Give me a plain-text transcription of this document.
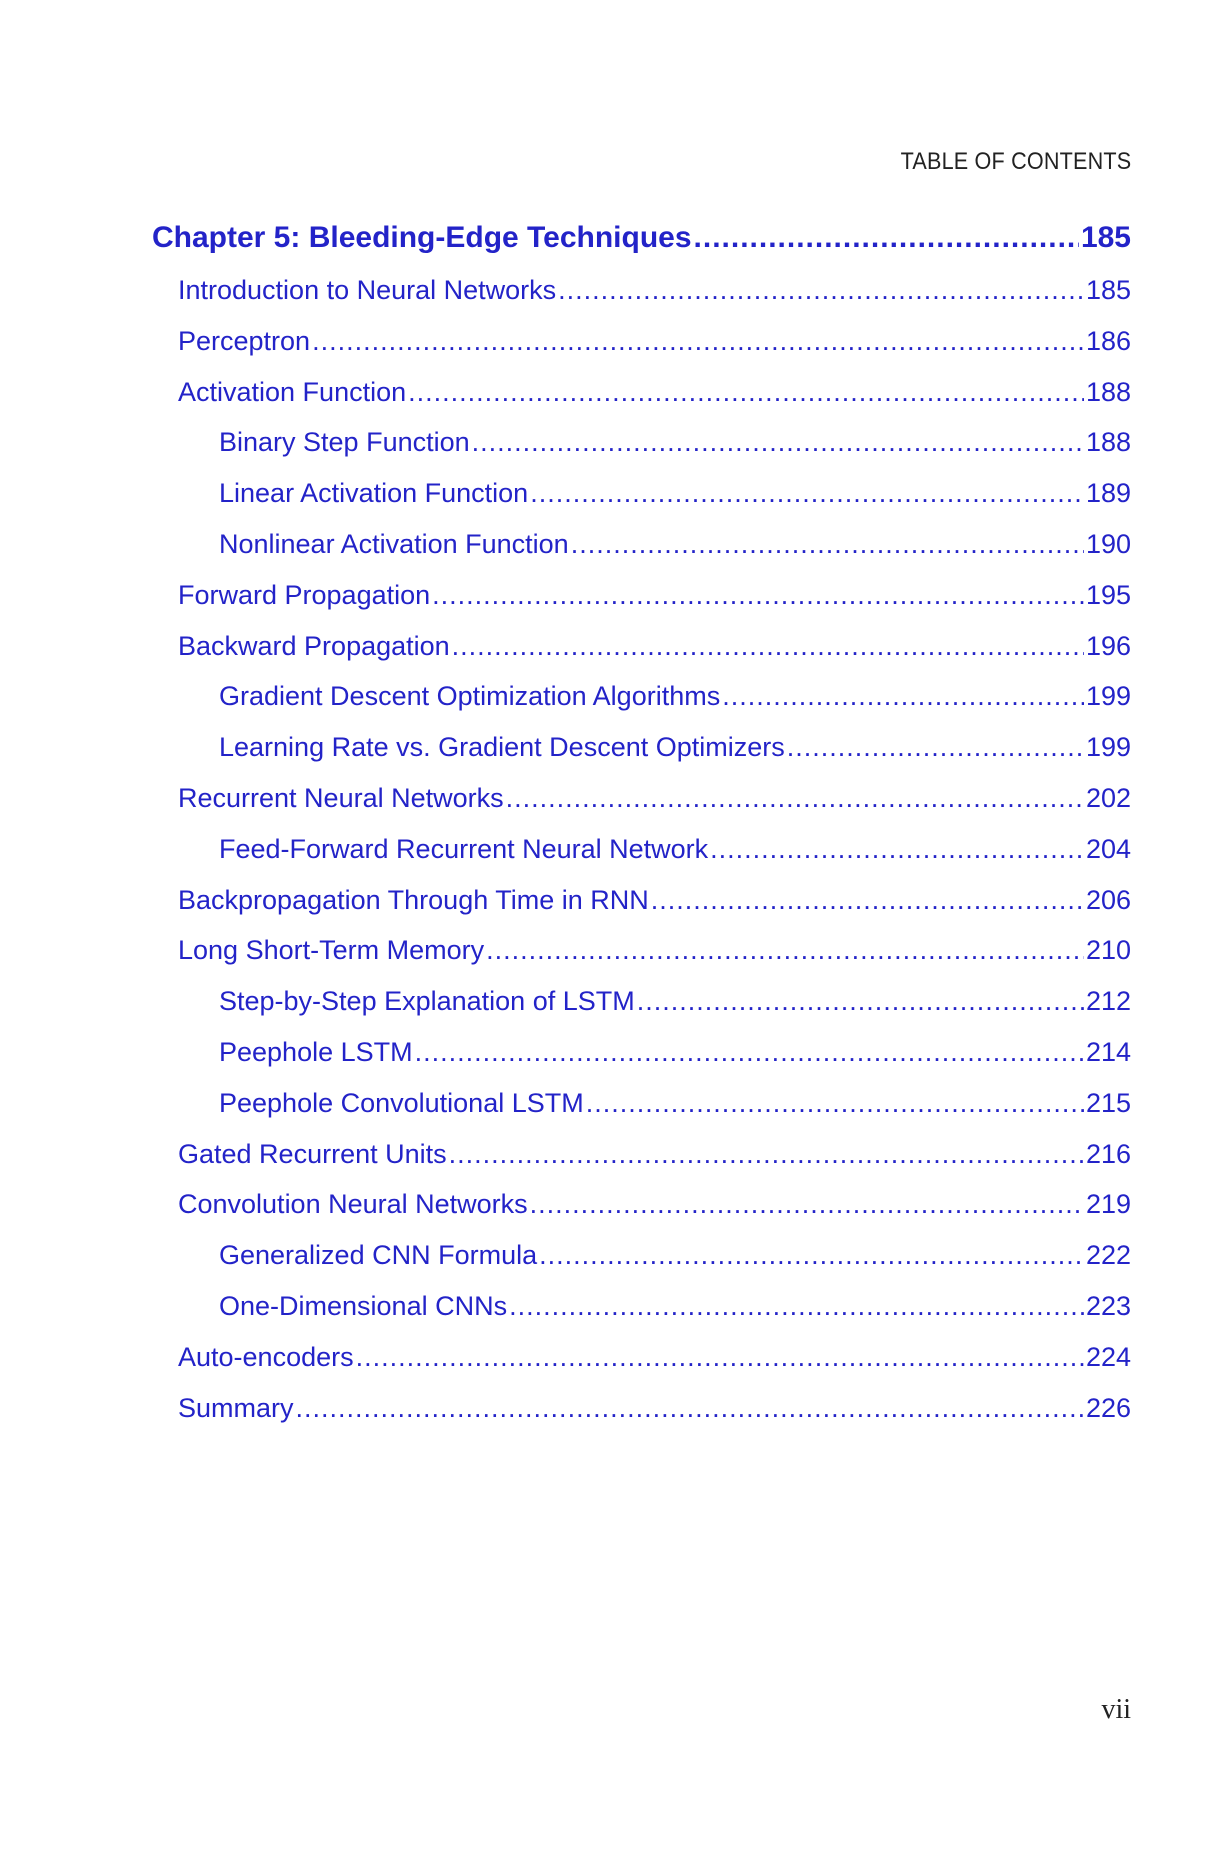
TABLE OF CONTENTS
Chapter 5: Bleeding-Edge Techniques .....	185
Introduction to Neural Networks .....	185
Perceptron .....	186
Activation Function .....	188
Binary Step Function .....	188
Linear Activation Function .....	189
Nonlinear Activation Function .....	190
Forward Propagation .....	195
Backward Propagation .....	196
Gradient Descent Optimization Algorithms .....	199
Learning Rate vs. Gradient Descent Optimizers .....	199
Recurrent Neural Networks .....	202
Feed-Forward Recurrent Neural Network .....	204
Backpropagation Through Time in RNN .....	206
Long Short-Term Memory .....	210
Step-by-Step Explanation of LSTM .....	212
Peephole LSTM .....	214
Peephole Convolutional LSTM .....	215
Gated Recurrent Units .....	216
Convolution Neural Networks .....	219
Generalized CNN Formula .....	222
One-Dimensional CNNs .....	223
Auto-encoders .....	224
Summary .....	226
vii
